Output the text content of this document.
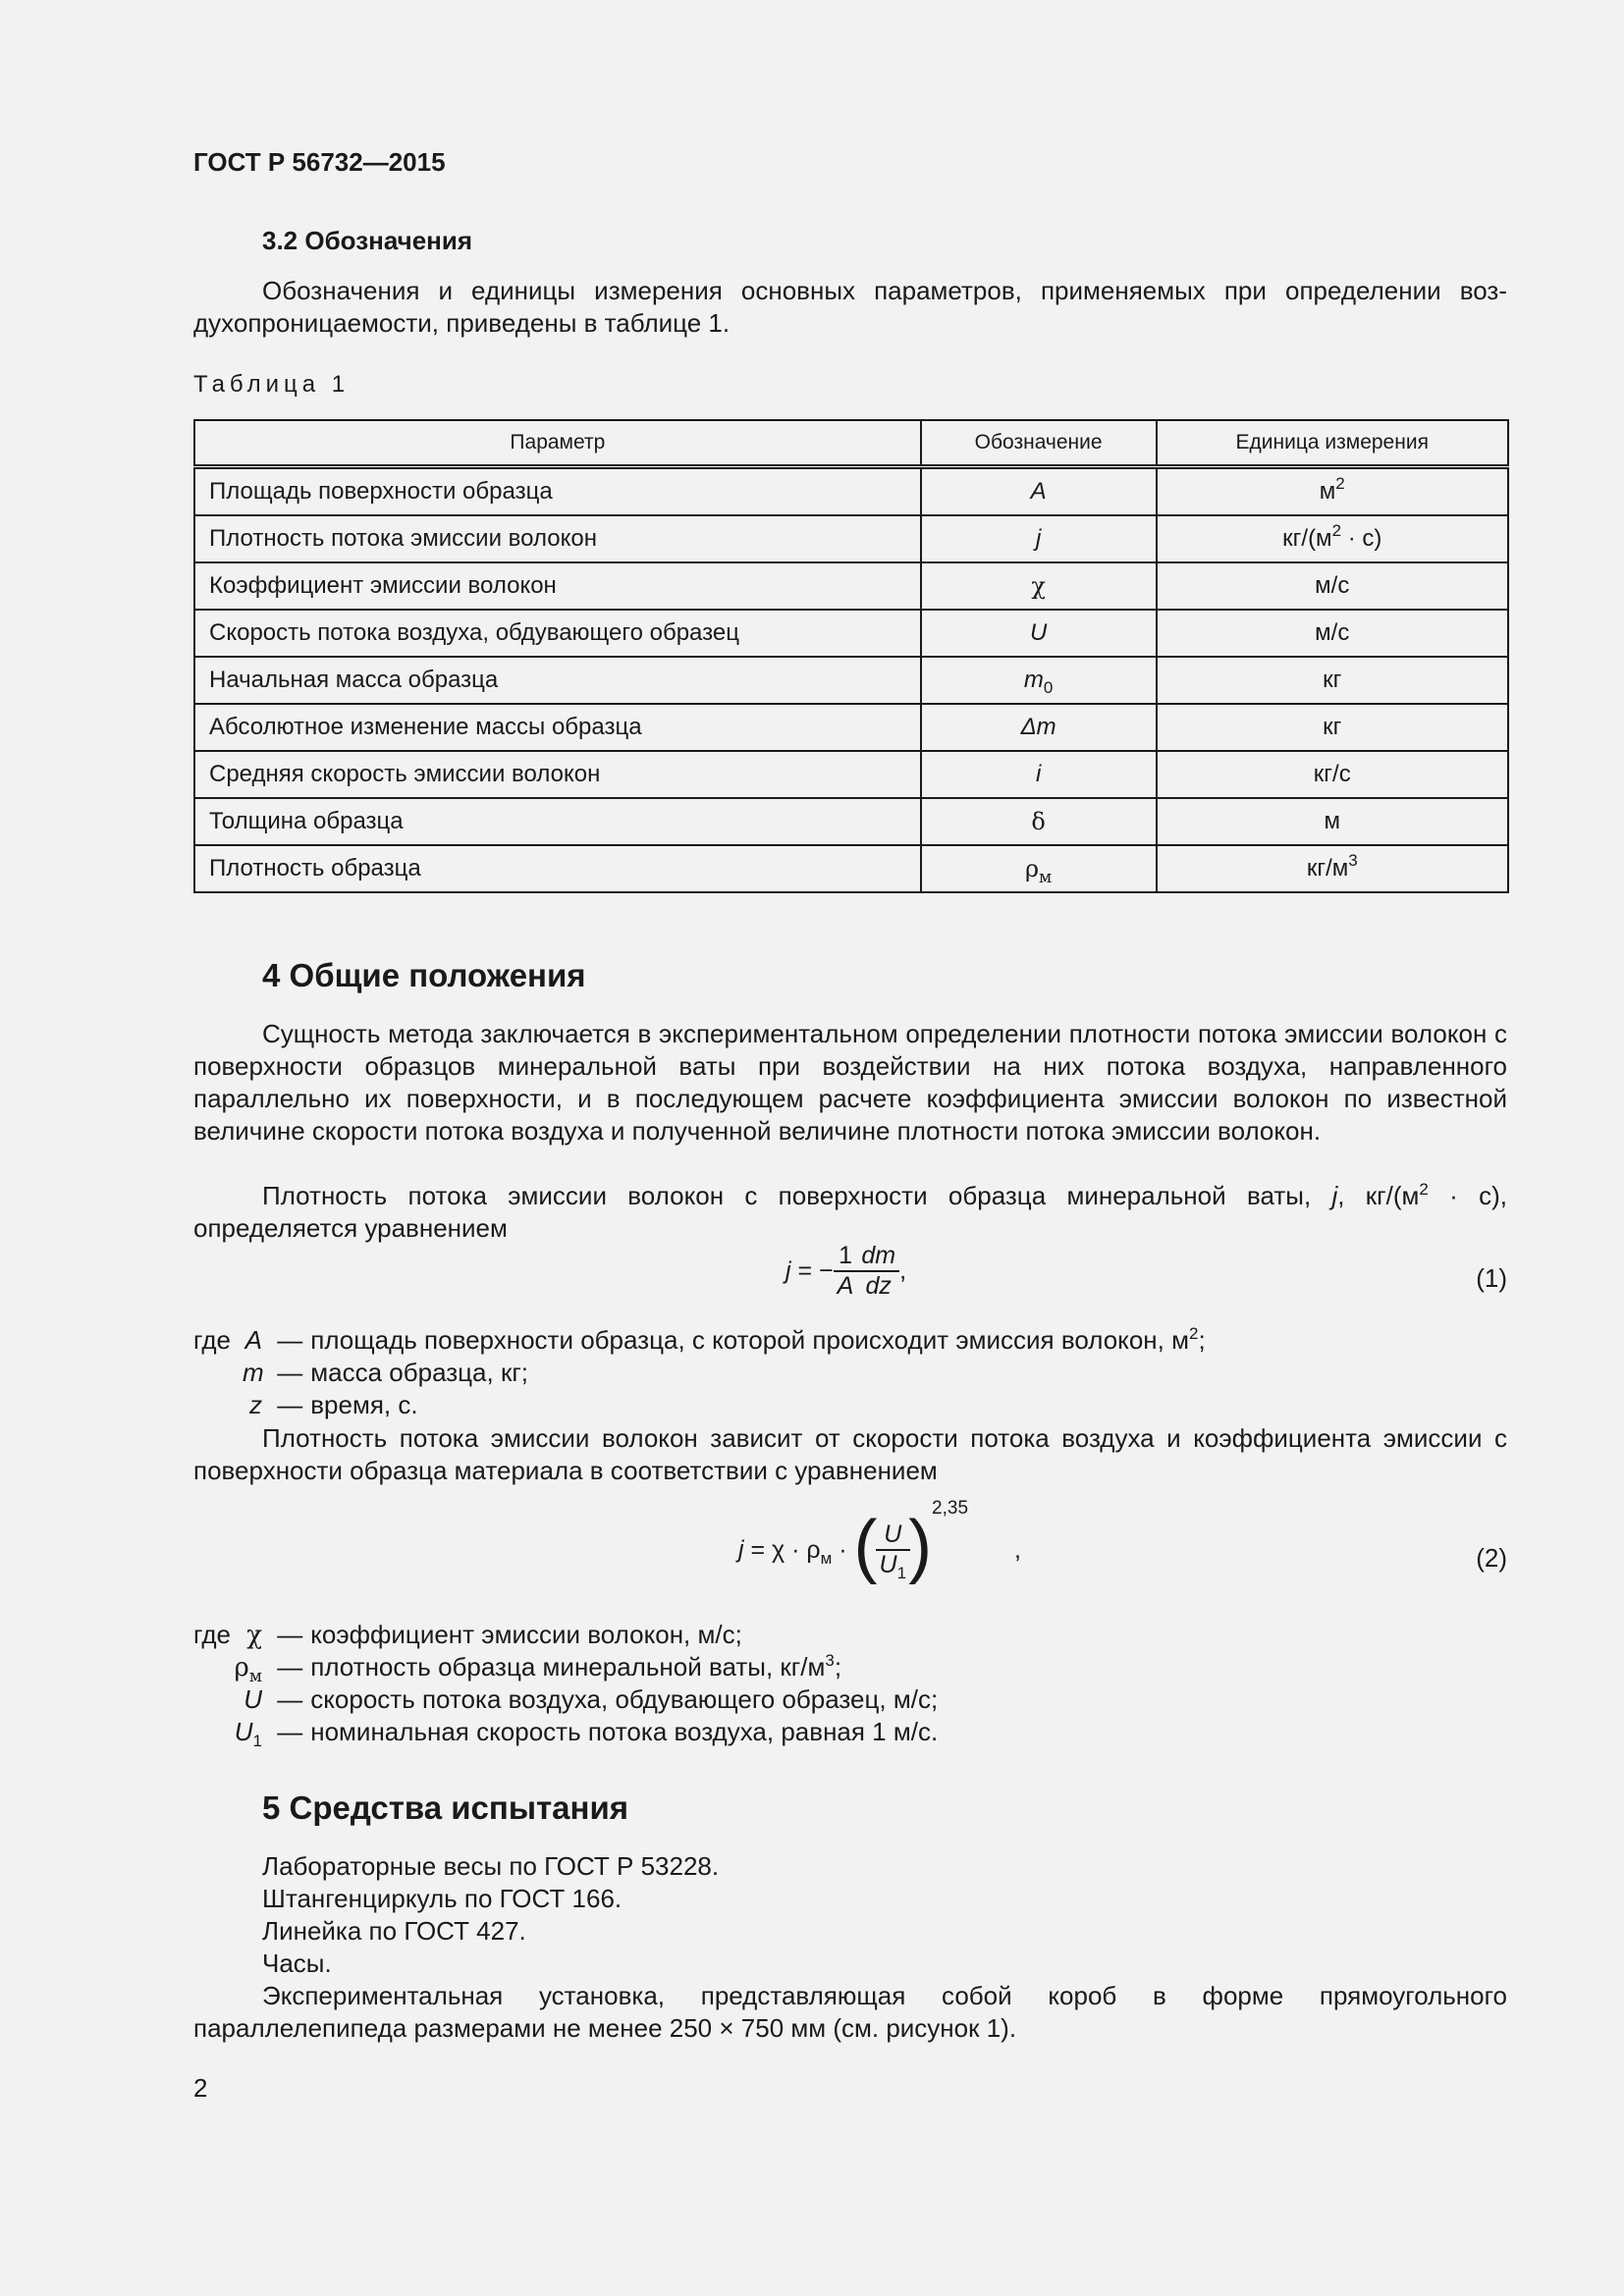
ГОСТ Р 56732—2015
3.2 Обозначения
Обозначения и единицы измерения основных параметров, применяемых при определении воз-
духопроницаемости, приведены в таблице 1.
Таблица 1
Параметр	Обозначение	Единица измерения
Площадь поверхности образца	A	$м^2$
Плотность потока эмиссии волокон	j	$кг/(м^2 \cdot с)$
Коэффициент эмиссии волокон	χ	м/с
Скорость потока воздуха, обдувающего образец	U	м/с
Начальная масса образца	$m_0$	кг
Абсолютное изменение массы образца	Δm	кг
Средняя скорость эмиссии волокон	i	кг/с
Толщина образца	δ	м
Плотность образца	$\rho_м$	$кг/м^3$
4 Общие положения
Сущность метода заключается в экспериментальном определении плотности потока эмиссии волокон с поверхности образцов минеральной ваты при воздействии на них потока воздуха, направленного параллельно их поверхности, и в последующем расчете коэффициента эмиссии волокон по известной величине скорости потока воздуха и полученной величине плотности потока эмиссии волокон.
Плотность потока эмиссии волокон с поверхности образца минеральной ваты, j, $кг/(м^2 \cdot с)$, определяется уравнением
j = − $\frac{1}{A} \frac{dm}{dz}$ ,	(1)
где A — площадь поверхности образца, с которой происходит эмиссия волокон, $м^2$;
m — масса образца, кг;
z — время, с.
Плотность потока эмиссии волокон зависит от скорости потока воздуха и коэффициента эмиссии с поверхности образца материала в соответствии с уравнением
$j = \chi \cdot \rho_м$ · (
$\frac{U}{U_1}$
)$^{2,35}$ ,	(2)
где χ — коэффициент эмиссии волокон, м/с;
$\rho_м$ — плотность образца минеральной ваты, $кг/м^3$;
U — скорость потока воздуха, обдувающего образец, м/с;
$U_1$ — номинальная скорость потока воздуха, равная 1 м/с.
5 Средства испытания
Лабораторные весы по ГОСТ Р 53228.
Штангенциркуль по ГОСТ 166.
Линейка по ГОСТ 427.
Часы.
Экспериментальная установка, представляющая собой короб в форме прямоугольного параллелепипеда размерами не менее 250 × 750 мм (см. рисунок 1).
2
